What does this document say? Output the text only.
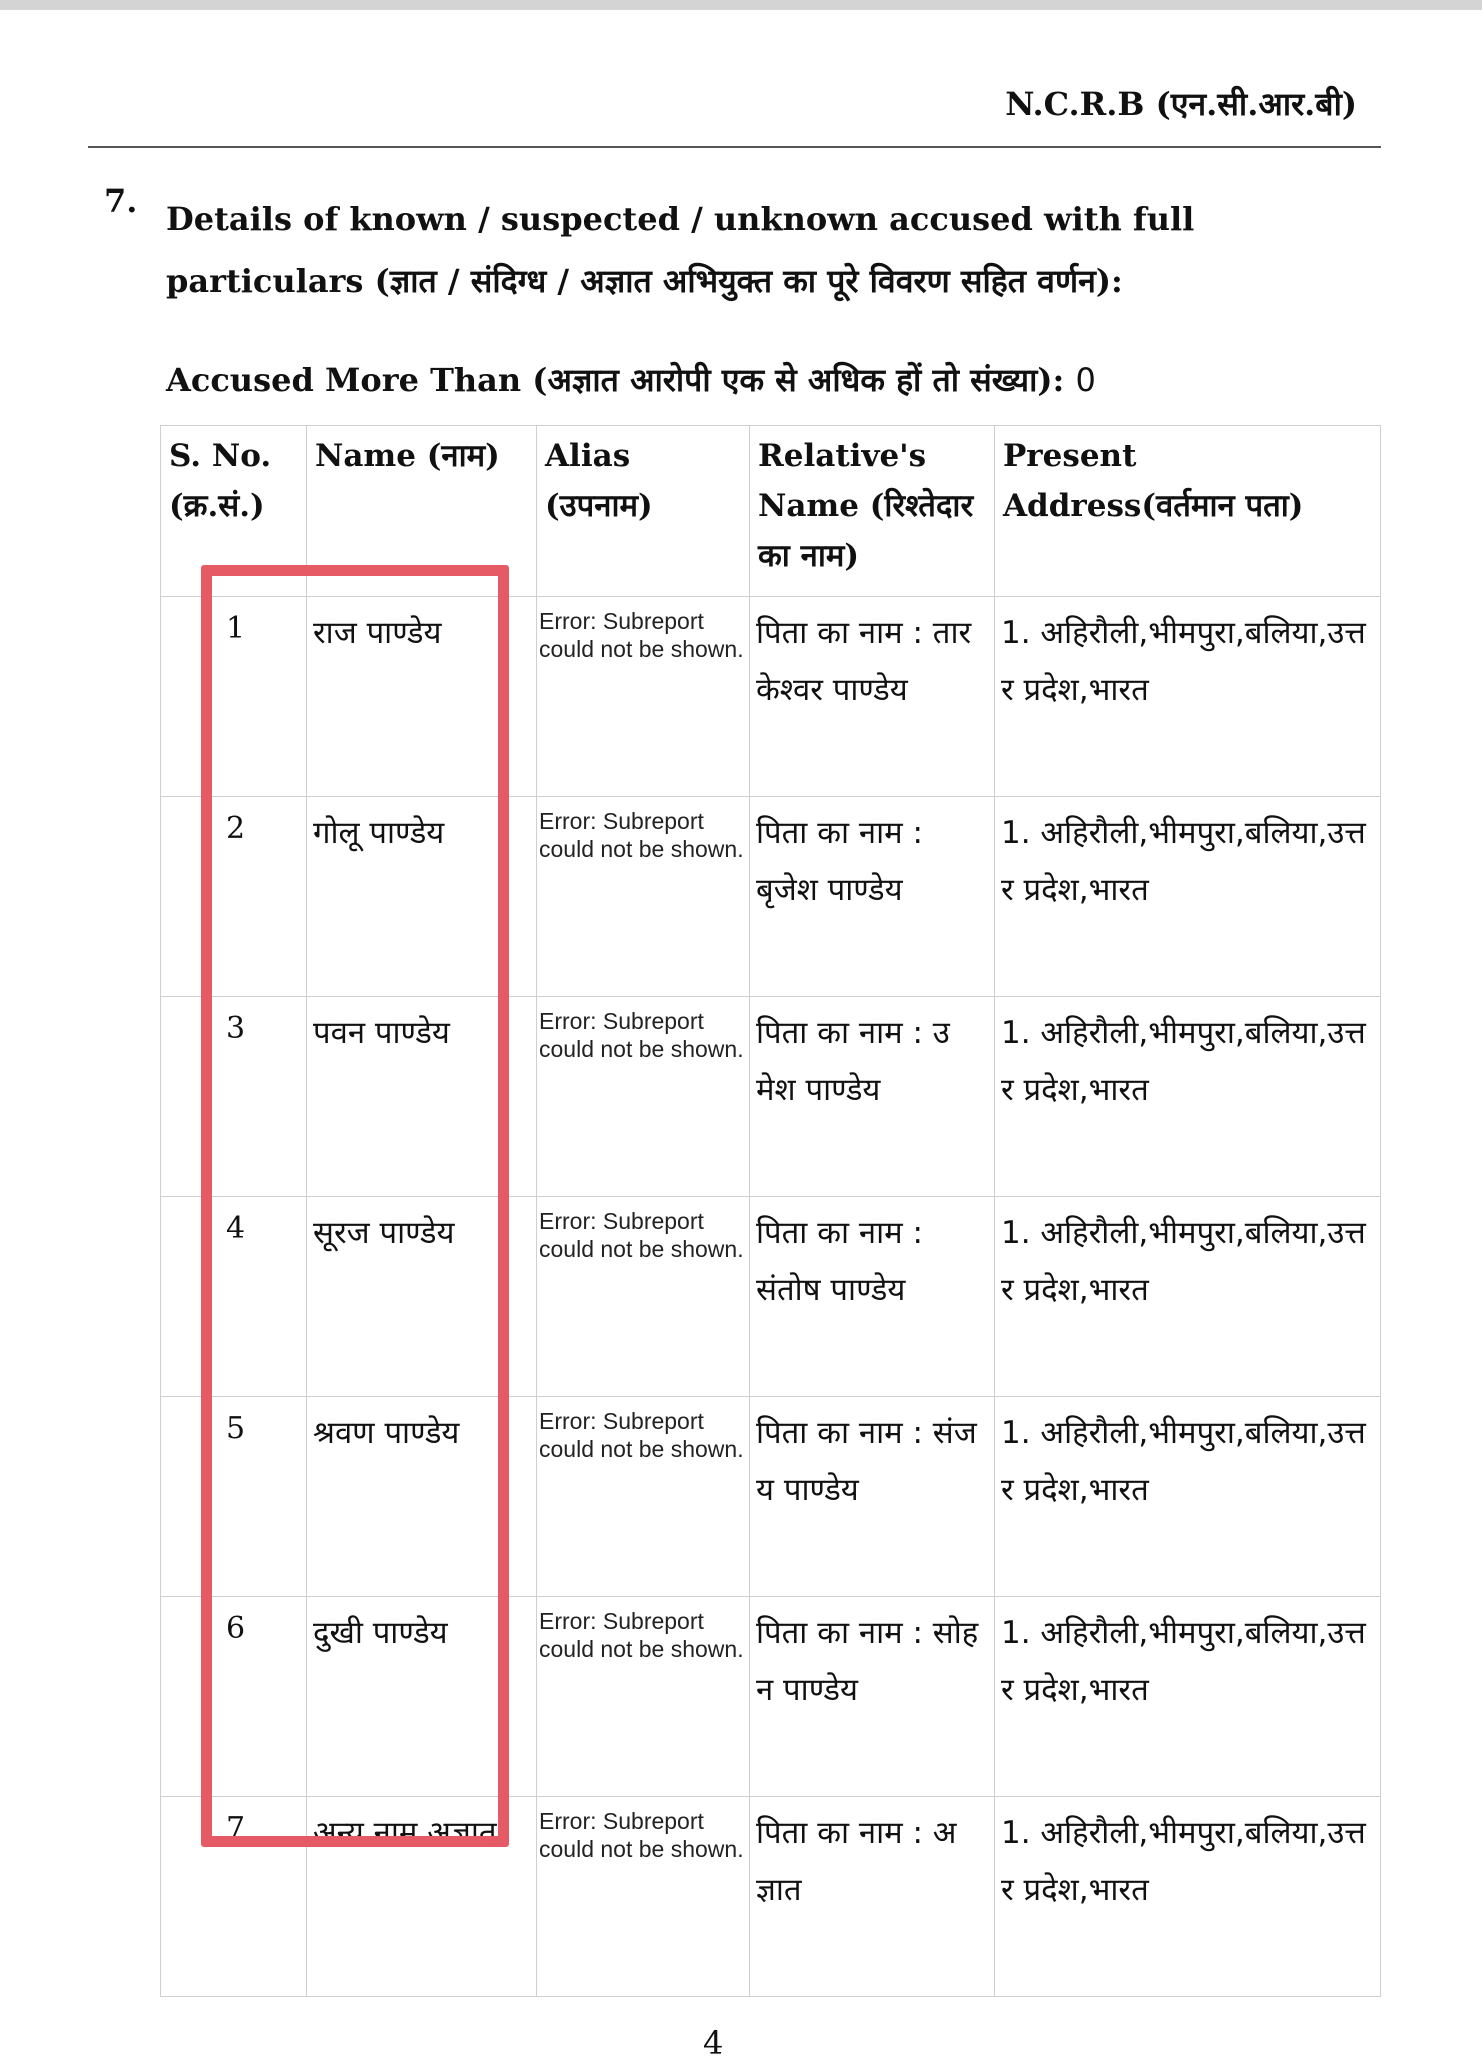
N.C.R.B (एन.सी.आर.बी)
7. Details of known / suspected / unknown accused with full particulars (ज्ञात / संदिग्ध / अज्ञात अभियुक्त का पूरे विवरण सहित वर्णन):
Accused More Than (अज्ञात आरोपी एक से अधिक हों तो संख्या): 0
S. No. (क्र.सं.)	Name (नाम)	Alias (उपनाम)	Relative's Name (रिश्तेदार का नाम)	Present Address(वर्तमान पता)
1	राज पाण्डेय	Error: Subreport could not be shown.	पिता का नाम : तारकेश्वर पाण्डेय	1. अहिरौली,भीमपुरा,बलिया,उत्तर प्रदेश,भारत
2	गोलू पाण्डेय	Error: Subreport could not be shown.	पिता का नाम : बृजेश पाण्डेय	1. अहिरौली,भीमपुरा,बलिया,उत्तर प्रदेश,भारत
3	पवन पाण्डेय	Error: Subreport could not be shown.	पिता का नाम : उमेश पाण्डेय	1. अहिरौली,भीमपुरा,बलिया,उत्तर प्रदेश,भारत
4	सूरज पाण्डेय	Error: Subreport could not be shown.	पिता का नाम : संतोष पाण्डेय	1. अहिरौली,भीमपुरा,बलिया,उत्तर प्रदेश,भारत
5	श्रवण पाण्डेय	Error: Subreport could not be shown.	पिता का नाम : संजय पाण्डेय	1. अहिरौली,भीमपुरा,बलिया,उत्तर प्रदेश,भारत
6	दुखी पाण्डेय	Error: Subreport could not be shown.	पिता का नाम : सोहन पाण्डेय	1. अहिरौली,भीमपुरा,बलिया,उत्तर प्रदेश,भारत
7	अन्य नाम अज्ञात	Error: Subreport could not be shown.	पिता का नाम : अज्ञात	1. अहिरौली,भीमपुरा,बलिया,उत्तर प्रदेश,भारत
4
